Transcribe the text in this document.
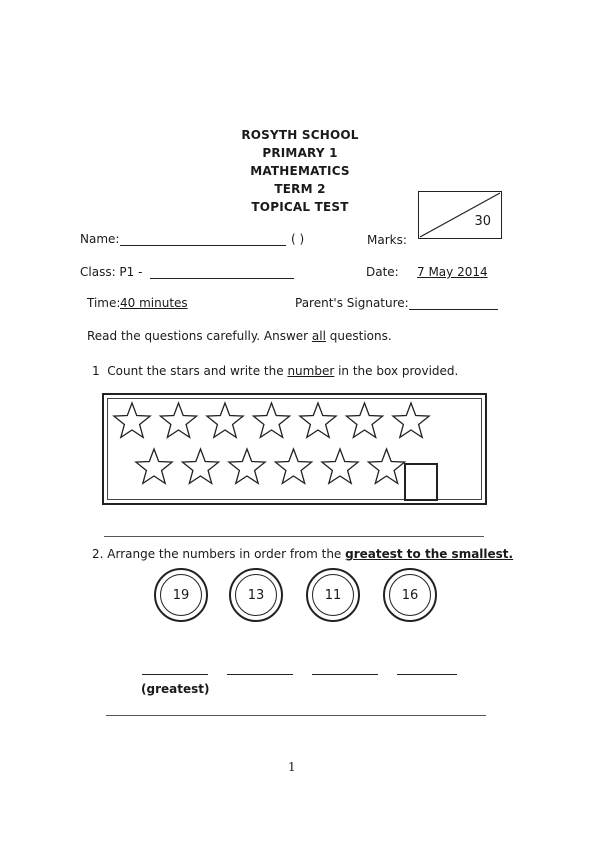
ROSYTH SCHOOL
PRIMARY 1
MATHEMATICS
TERM 2
TOPICAL TEST
30
Marks:
Name:	( )
Class: P1 -	Date: 7 May 2014
Time: 40 minutes	Parent's Signature:
Read the questions carefully. Answer all questions.
1 Count the stars and write the number in the box provided.
2. Arrange the numbers in order from the greatest to the smallest.
19	13	11	16
(greatest)
1
